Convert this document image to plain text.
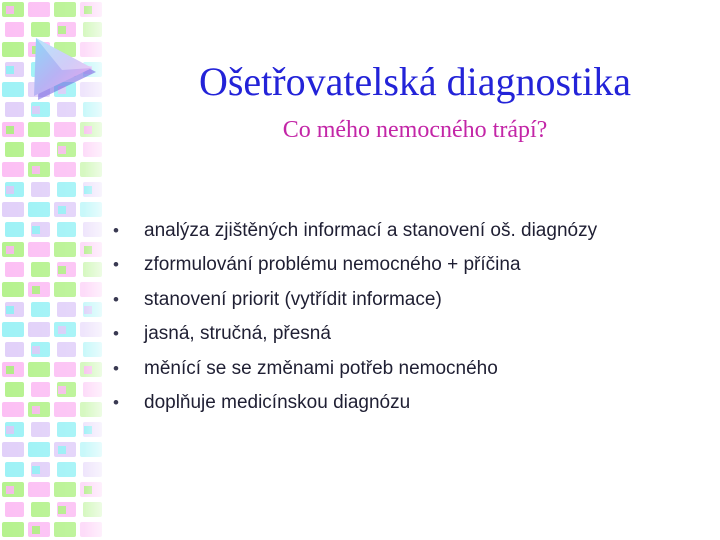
Ošetřovatelská diagnostika
Co mého nemocného trápí?
• analýza zjištěných informací a stanovení oš. diagnózy
• zformulování problému nemocného + příčina
• stanovení priorit (vytřídit informace)
• jasná, stručná, přesná
• měnící se se změnami potřeb nemocného
• doplňuje medicínskou diagnózu
